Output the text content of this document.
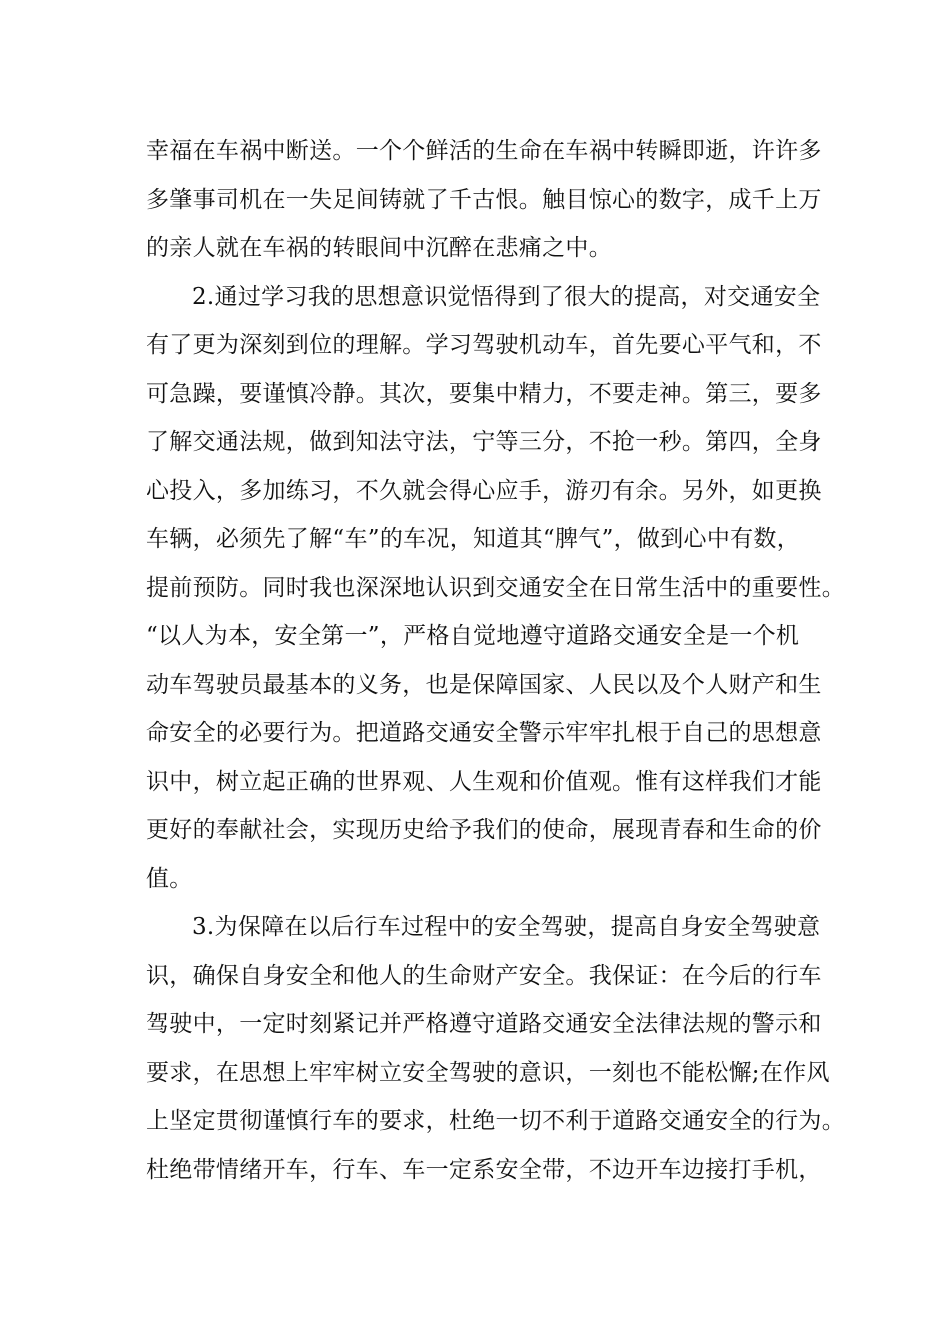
幸福在车祸中断送。一个个鲜活的生命在车祸中转瞬即逝，许许多
多肇事司机在一失足间铸就了千古恨。触目惊心的数字，成千上万
的亲人就在车祸的转眼间中沉醉在悲痛之中。
2.通过学习我的思想意识觉悟得到了很大的提高，对交通安全
有了更为深刻到位的理解。学习驾驶机动车，首先要心平气和，不
可急躁，要谨慎冷静。其次，要集中精力，不要走神。第三，要多
了解交通法规，做到知法守法，宁等三分，不抢一秒。第四，全身
心投入，多加练习，不久就会得心应手，游刃有余。另外，如更换
车辆，必须先了解“车”的车况，知道其“脾气”，做到心中有数，
提前预防。同时我也深深地认识到交通安全在日常生活中的重要性。
“以人为本，安全第一”，严格自觉地遵守道路交通安全是一个机
动车驾驶员最基本的义务，也是保障国家、人民以及个人财产和生
命安全的必要行为。把道路交通安全警示牢牢扎根于自己的思想意
识中，树立起正确的世界观、人生观和价值观。惟有这样我们才能
更好的奉献社会，实现历史给予我们的使命，展现青春和生命的价
值。
3.为保障在以后行车过程中的安全驾驶，提高自身安全驾驶意
识，确保自身安全和他人的生命财产安全。我保证：在今后的行车
驾驶中，一定时刻紧记并严格遵守道路交通安全法律法规的警示和
要求，在思想上牢牢树立安全驾驶的意识，一刻也不能松懈;在作风
上坚定贯彻谨慎行车的要求，杜绝一切不利于道路交通安全的行为。
杜绝带情绪开车，行车、车一定系安全带，不边开车边接打手机，
